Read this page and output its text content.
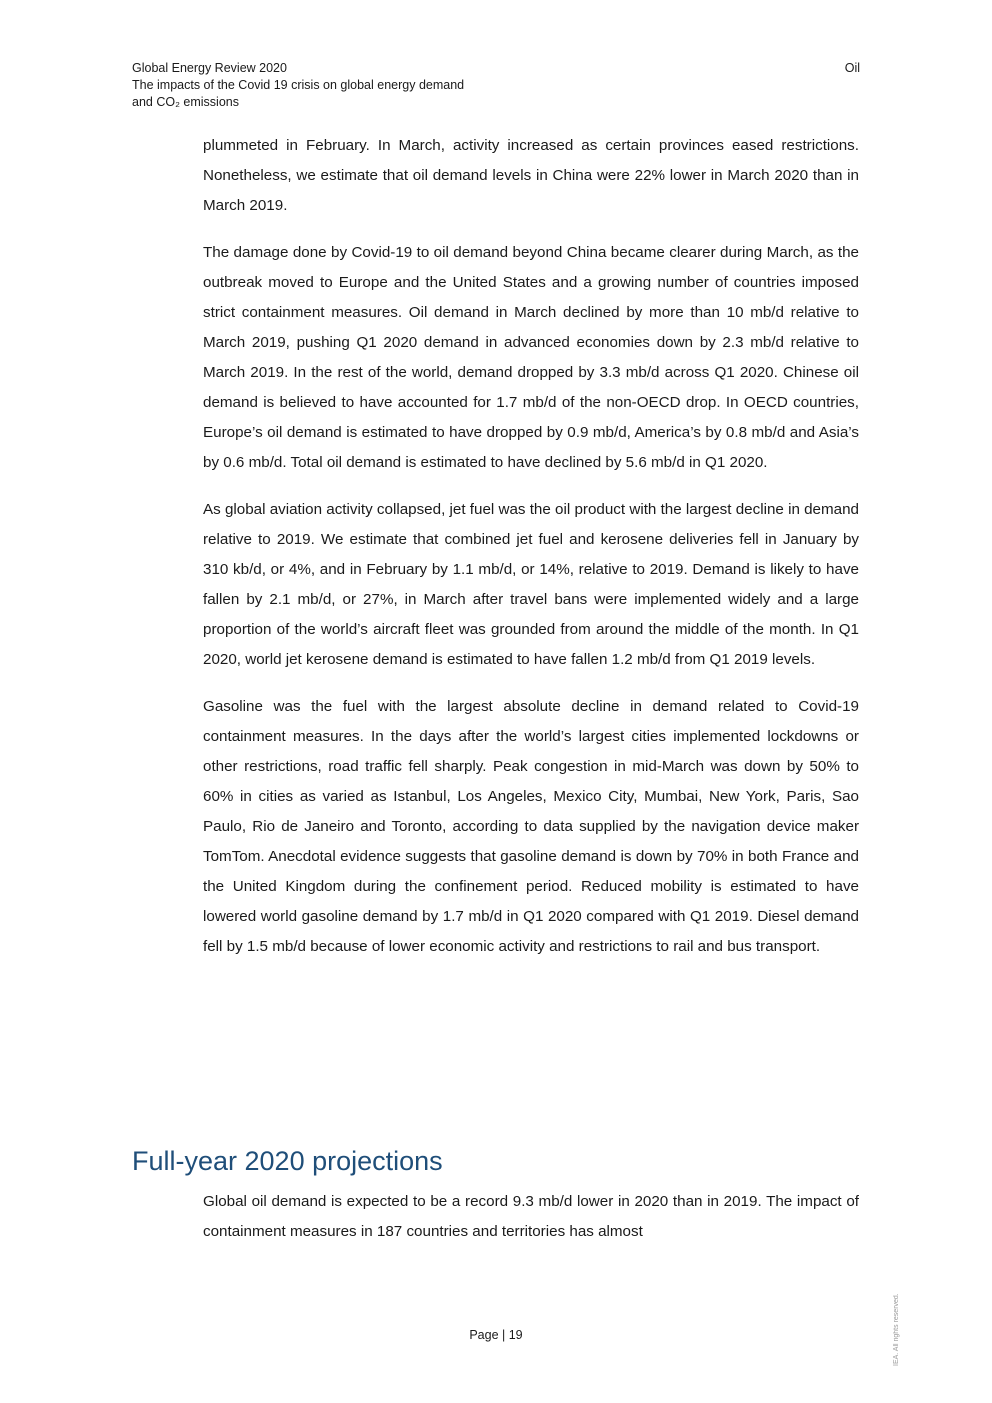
Global Energy Review 2020
The impacts of the Covid 19 crisis on global energy demand
and CO₂ emissions
Oil

plummeted in February. In March, activity increased as certain provinces eased restrictions. Nonetheless, we estimate that oil demand levels in China were 22% lower in March 2020 than in March 2019.

The damage done by Covid-19 to oil demand beyond China became clearer during March, as the outbreak moved to Europe and the United States and a growing number of countries imposed strict containment measures. Oil demand in March declined by more than 10 mb/d relative to March 2019, pushing Q1 2020 demand in advanced economies down by 2.3 mb/d relative to March 2019. In the rest of the world, demand dropped by 3.3 mb/d across Q1 2020. Chinese oil demand is believed to have accounted for 1.7 mb/d of the non-OECD drop. In OECD countries, Europe’s oil demand is estimated to have dropped by 0.9 mb/d, America’s by 0.8 mb/d and Asia’s by 0.6 mb/d. Total oil demand is estimated to have declined by 5.6 mb/d in Q1 2020.

As global aviation activity collapsed, jet fuel was the oil product with the largest decline in demand relative to 2019. We estimate that combined jet fuel and kerosene deliveries fell in January by 310 kb/d, or 4%, and in February by 1.1 mb/d, or 14%, relative to 2019. Demand is likely to have fallen by 2.1 mb/d, or 27%, in March after travel bans were implemented widely and a large proportion of the world’s aircraft fleet was grounded from around the middle of the month. In Q1 2020, world jet kerosene demand is estimated to have fallen 1.2 mb/d from Q1 2019 levels.

Gasoline was the fuel with the largest absolute decline in demand related to Covid-19 containment measures. In the days after the world’s largest cities implemented lockdowns or other restrictions, road traffic fell sharply. Peak congestion in mid-March was down by 50% to 60% in cities as varied as Istanbul, Los Angeles, Mexico City, Mumbai, New York, Paris, Sao Paulo, Rio de Janeiro and Toronto, according to data supplied by the navigation device maker TomTom. Anecdotal evidence suggests that gasoline demand is down by 70% in both France and the United Kingdom during the confinement period. Reduced mobility is estimated to have lowered world gasoline demand by 1.7 mb/d in Q1 2020 compared with Q1 2019. Diesel demand fell by 1.5 mb/d because of lower economic activity and restrictions to rail and bus transport.

Full-year 2020 projections

Global oil demand is expected to be a record 9.3 mb/d lower in 2020 than in 2019. The impact of containment measures in 187 countries and territories has almost

Page | 19	IEA. All rights reserved.
